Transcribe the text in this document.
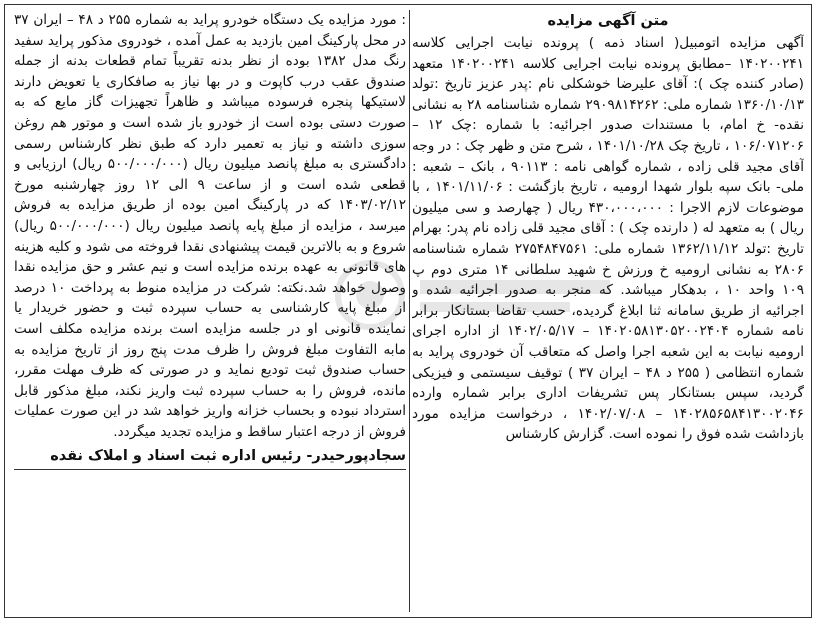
متن آگهی مزایده

آگهی مزایده اتومبیل( اسناد ذمه ) پرونده نیابت اجرایی کلاسه ۱۴۰۲۰۰۲۴۱ –مطابق پرونده نیابت اجرایی کلاسه ۱۴۰۲۰۰۲۴۱ متعهد (صادر کننده چک ): آقای علیرضا خوشکلی نام :پدر عزیز تاریخ :تولد ۱۳۶۰/۱۰/۱۳ شماره ملی: ۲۹۰۹۸۱۴۲۶۲ شماره شناسنامه ۲۸ به نشانی نقده- خ امام، با مستندات صدور اجرائیه: با شماره :چک ۱۲ – ۱۰۶/۰۷۱۲۰۶ ، تاریخ چک ۱۴۰۱/۱۰/۲۸ ، شرح متن و ظهر چک : در وجه آقای مجید قلی زاده ، شماره گواهی نامه : ۹۰۱۱۳ ، بانک – شعبه : ملی- بانک سپه بلوار شهدا ارومیه ، تاریخ بازگشت : ۱۴۰۱/۱۱/۰۶ ، با موضوعات لازم الاجرا : ۴۳۰،۰۰۰،۰۰۰ ریال ( چهارصد و سی میلیون ریال ) به متعهد له ( دارنده چک ) : آقای مجید قلی زاده نام پدر: بهرام تاریخ :تولد ۱۳۶۲/۱۱/۱۲ شماره ملی: ۲۷۵۴۸۴۷۵۶۱ شماره شناسنامه ۲۸۰۶ به نشانی ارومیه خ ورزش خ شهید سلطانی ۱۴ متری دوم پ ۱۰۹ واحد ۱۰ ، بدهکار میباشد. که منجر به صدور اجرائیه شده و اجرائیه از طریق سامانه ثنا ابلاغ گردیده، حسب تقاضا بستانکار برابر نامه شماره ۱۴۰۲۰۵۸۱۳۰۵۲۰۰۲۴۰۴ – ۱۴۰۲/۰۵/۱۷ از اداره اجرای ارومیه نیابت به این شعبه اجرا واصل که متعاقب آن خودروی پراید به شماره انتظامی ( ۲۵۵ د ۴۸ – ایران ۳۷ ) توقیف سیستمی و فیزیکی گردید، سپس بستانکار پس تشریفات اداری برابر شماره وارده ۱۴۰۲۸۵۶۵۸۴۱۳۰۰۲۰۴۶ – ۱۴۰۲/۰۷/۰۸ ، درخواست مزایده مورد بازداشت شده فوق را نموده است. گزارش کارشناس

: مورد مزایده یک دستگاه خودرو پراید به شماره ۲۵۵ د ۴۸ – ایران ۳۷ در محل پارکینگ امین بازدید به عمل آمده ، خودروی مذکور پراید سفید رنگ مدل ۱۳۸۲ بوده از نظر بدنه تقریباً تمام قطعات بدنه از جمله صندوق عقب درب کاپوت و در بها نیاز به صافکاری یا تعویض دارند لاستیکها پنجره فرسوده میباشد و ظاهراً تجهیزات گاز مایع که به صورت دستی بوده است از خودرو باز شده است و موتور هم روغن سوزی داشته و نیاز به تعمیر دارد که طبق نظر کارشناس رسمی دادگستری به مبلغ پانصد میلیون ریال (۵۰۰/۰۰۰/۰۰۰ ریال) ارزیابی و قطعی شده است و از ساعت ۹ الی ۱۲ روز چهارشنبه مورخ ۱۴۰۳/۰۲/۱۲ که در پارکینگ امین بوده از طریق مزایده به فروش میرسد ، مزایده از مبلغ پایه پانصد میلیون ریال (۵۰۰/۰۰۰/۰۰۰ ریال) شروع و به بالاترین قیمت پیشنهادی نقدا فروخته می شود و کلیه هزینه های قانونی به عهده برنده مزایده است و نیم عشر و حق مزایده نقدا وصول خواهد شد.نکته: شرکت در مزایده منوط به پرداخت ۱۰ درصد از مبلغ پایه کارشناسی به حساب سپرده ثبت و حضور خریدار یا نماینده قانونی او در جلسه مزایده است برنده مزایده مکلف است مابه التفاوت مبلغ فروش را ظرف مدت پنج روز از تاریخ مزایده به حساب صندوق ثبت تودیع نماید و در صورتی که ظرف مهلت مقرر، مانده، فروش را به حساب سپرده ثبت واریز نکند، مبلغ مذکور قابل استرداد نبوده و بحساب خزانه واریز خواهد شد در این صورت عملیات فروش از درجه اعتبار ساقط و مزایده تجدید میگردد.

سجادپورحیدر- رئیس اداره ثبت اسناد و املاک نقده
